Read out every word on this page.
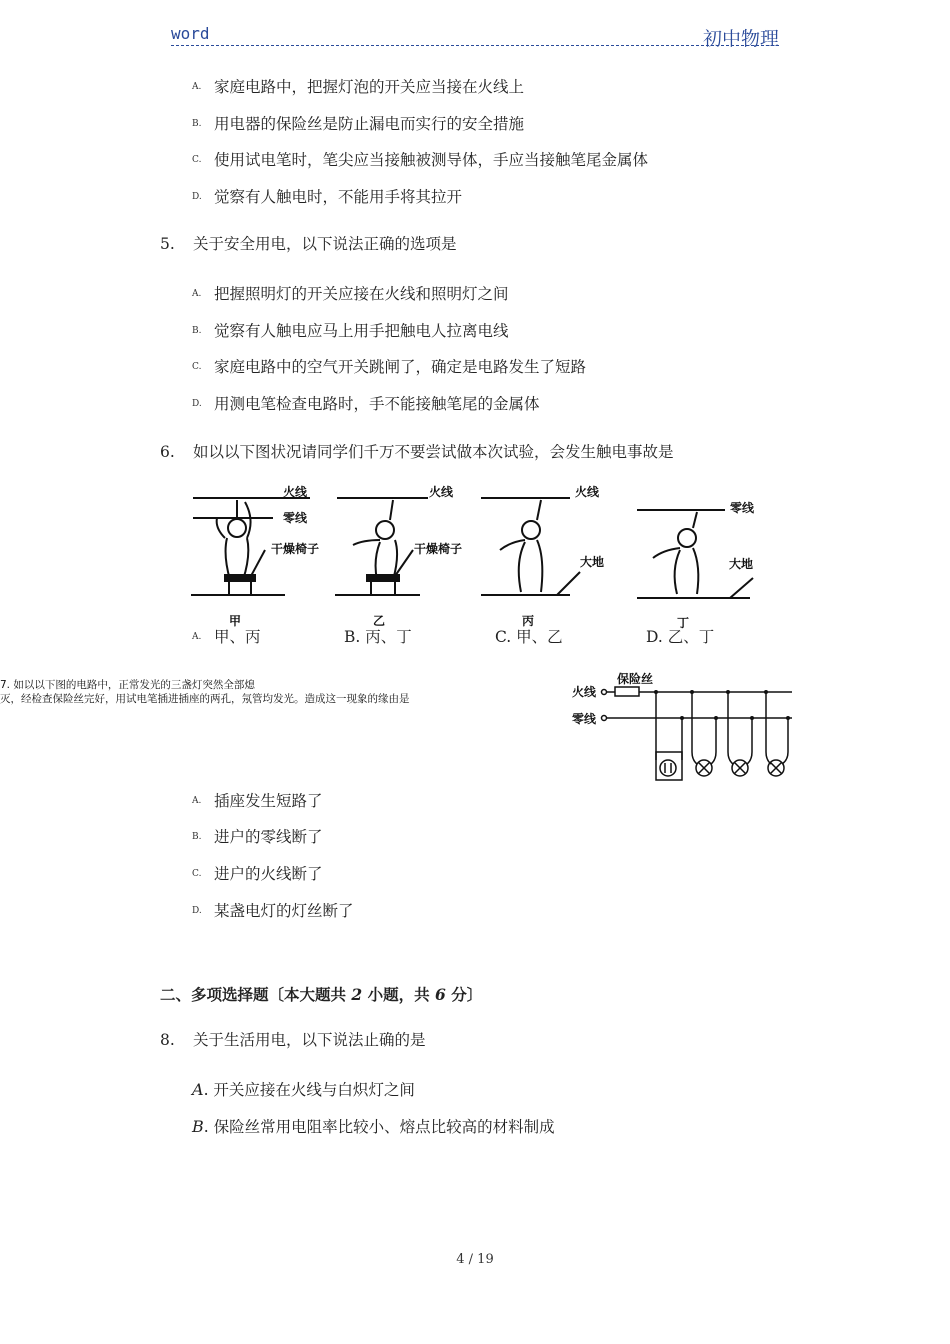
word	初中物理
A. 家庭电路中，把握灯泡的开关应当接在火线上
B. 用电器的保险丝是防止漏电而实行的安全措施
C. 使用试电笔时，笔尖应当接触被测导体，手应当接触笔尾金属体
D. 觉察有人触电时，不能用手将其拉开
5. 关于安全用电，以下说法正确的选项是
A. 把握照明灯的开关应接在火线和照明灯之间
B. 觉察有人触电应马上用手把触电人拉离电线
C. 家庭电路中的空气开关跳闸了，确定是电路发生了短路
D. 用测电笔检查电路时，手不能接触笔尾的金属体
6. 如以以下图状况请同学们千万不要尝试做本次试验，会发生触电事故是
火线
零线
干燥椅子
火线
干燥椅子
火线
大地
零线
大地
甲	乙	丙	丁
A. 甲、丙	B. 丙、丁	C. 甲、乙	D. 乙、丁
7. 如以以下图的电路中，正常发光的三盏灯突然全部熄
灭，经检查保险丝完好，用试电笔插进插座的两孔，氖管均发光。造成这一现象的缘由是	火线
零线
保险丝
A. 插座发生短路了
B. 进户的零线断了
C. 进户的火线断了
D. 某盏电灯的灯丝断了
二、多项选择题〔本大题共 2 小题，共 6 分〕
8. 关于生活用电，以下说法止确的是
A. 开关应接在火线与白炽灯之间
B. 保险丝常用电阻率比较小、熔点比较高的材料制成
4 / 19
